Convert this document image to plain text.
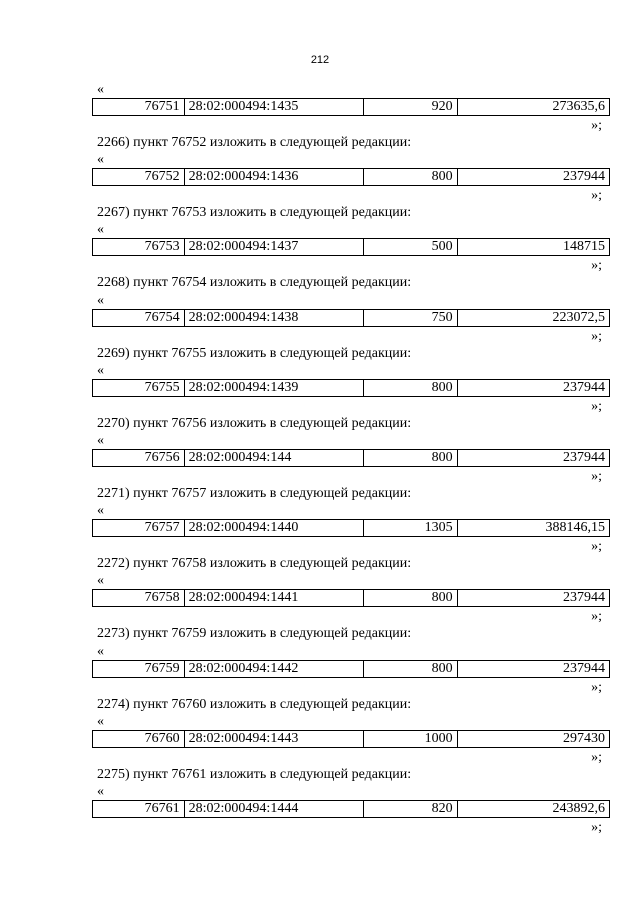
212
«
76751 28:02:000494:1435	920	273635,6
»;
2266) пункт 76752 изложить в следующей редакции:
«
76752 28:02:000494:1436	800	237944
»;
2267) пункт 76753 изложить в следующей редакции:
«
76753 28:02:000494:1437	500	148715
»;
2268) пункт 76754 изложить в следующей редакции:
«
76754 28:02:000494:1438	750	223072,5
»;
2269) пункт 76755 изложить в следующей редакции:
«
76755 28:02:000494:1439	800	237944
»;
2270) пункт 76756 изложить в следующей редакции:
«
76756 28:02:000494:144	800	237944
»;
2271) пункт 76757 изложить в следующей редакции:
«
76757 28:02:000494:1440	1305	388146,15
»;
2272) пункт 76758 изложить в следующей редакции:
«
76758 28:02:000494:1441	800	237944
»;
2273) пункт 76759 изложить в следующей редакции:
«
76759 28:02:000494:1442	800	237944
»;
2274) пункт 76760 изложить в следующей редакции:
«
76760 28:02:000494:1443	1000	297430
»;
2275) пункт 76761 изложить в следующей редакции:
«
76761 28:02:000494:1444	820	243892,6
»;
